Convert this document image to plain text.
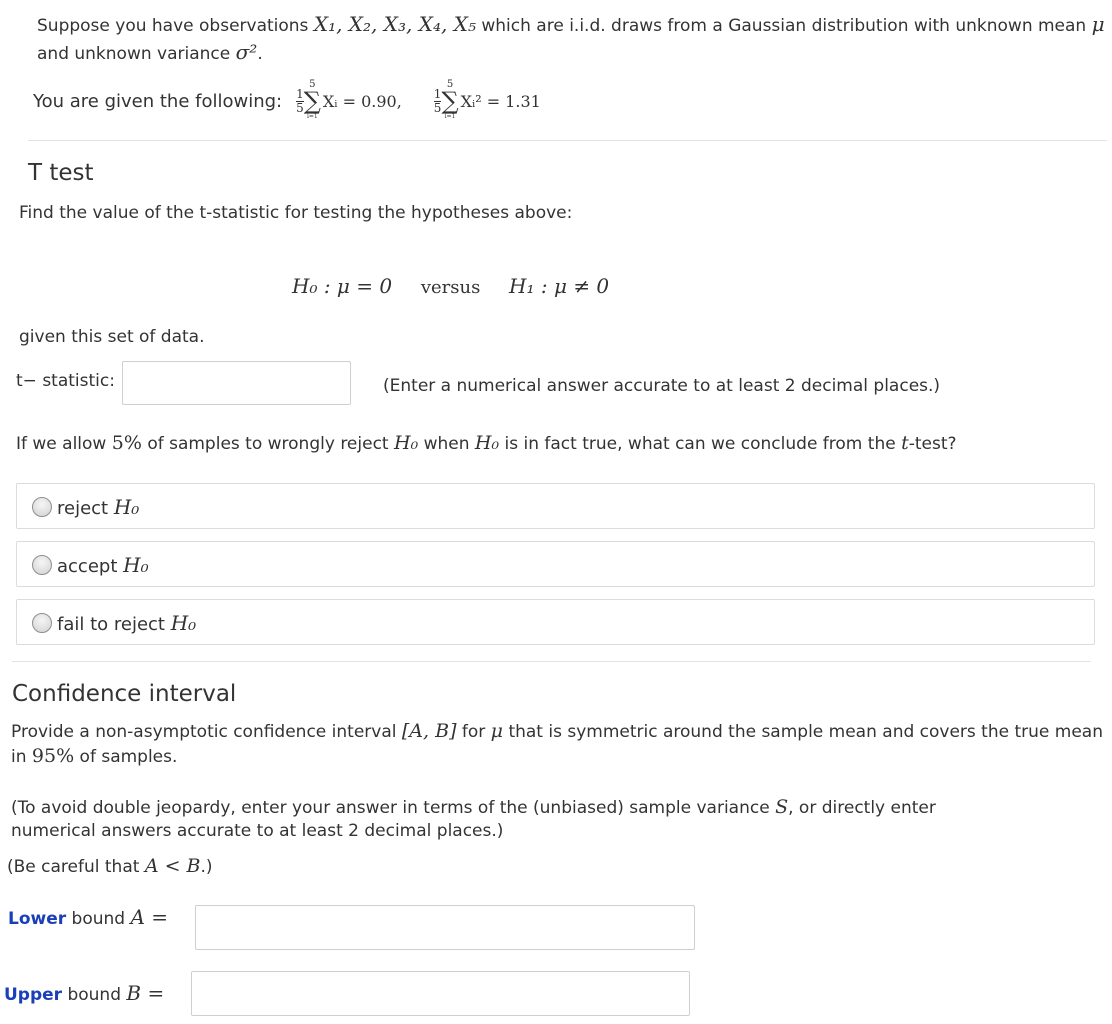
Suppose you have observations X₁, X₂, X₃, X₄, X₅ which are i.i.d. draws from a Gaussian distribution with unknown mean μ
and unknown variance σ².
You are given the following: $\frac{1}{5}$
5
∑
i=1
Xᵢ = 0.90,	$\frac{1}{5}$
5
∑
i=1
Xᵢ² = 1.31
T test
Find the value of the t-statistic for testing the hypotheses above:
H₀ : μ = 0 versus H₁ : μ ≠ 0
given this set of data.
t− statistic:	(Enter a numerical answer accurate to at least 2 decimal places.)
If we allow 5% of samples to wrongly reject H₀ when H₀ is in fact true, what can we conclude from the t-test?
reject H₀
accept H₀
fail to reject H₀
Confidence interval
Provide a non-asymptotic confidence interval [A, B] for μ that is symmetric around the sample mean and covers the true mean
in 95% of samples.
(To avoid double jeopardy, enter your answer in terms of the (unbiased) sample variance S, or directly enter
numerical answers accurate to at least 2 decimal places.)
(Be careful that A < B.)
Lower bound A =
Upper bound B =
